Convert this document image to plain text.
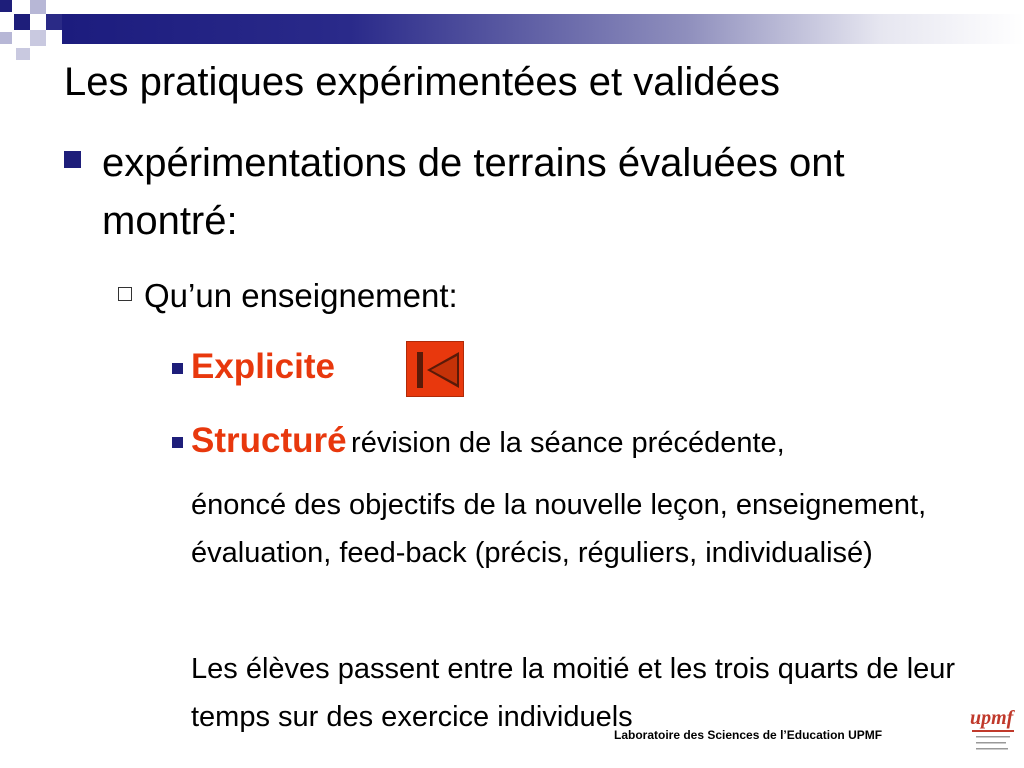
Les pratiques expérimentées et validées
expérimentations de terrains évaluées ont montré:
Qu’un enseignement:
Explicite
Structuré révision de la séance précédente,

énoncé des objectifs de la nouvelle leçon, enseignement, évaluation, feed-back (précis, réguliers, individualisé)

Les élèves passent entre la moitié et les trois quarts de leur temps sur des exercice individuels

Laboratoire des Sciences de l’Education UPMF
upmf
